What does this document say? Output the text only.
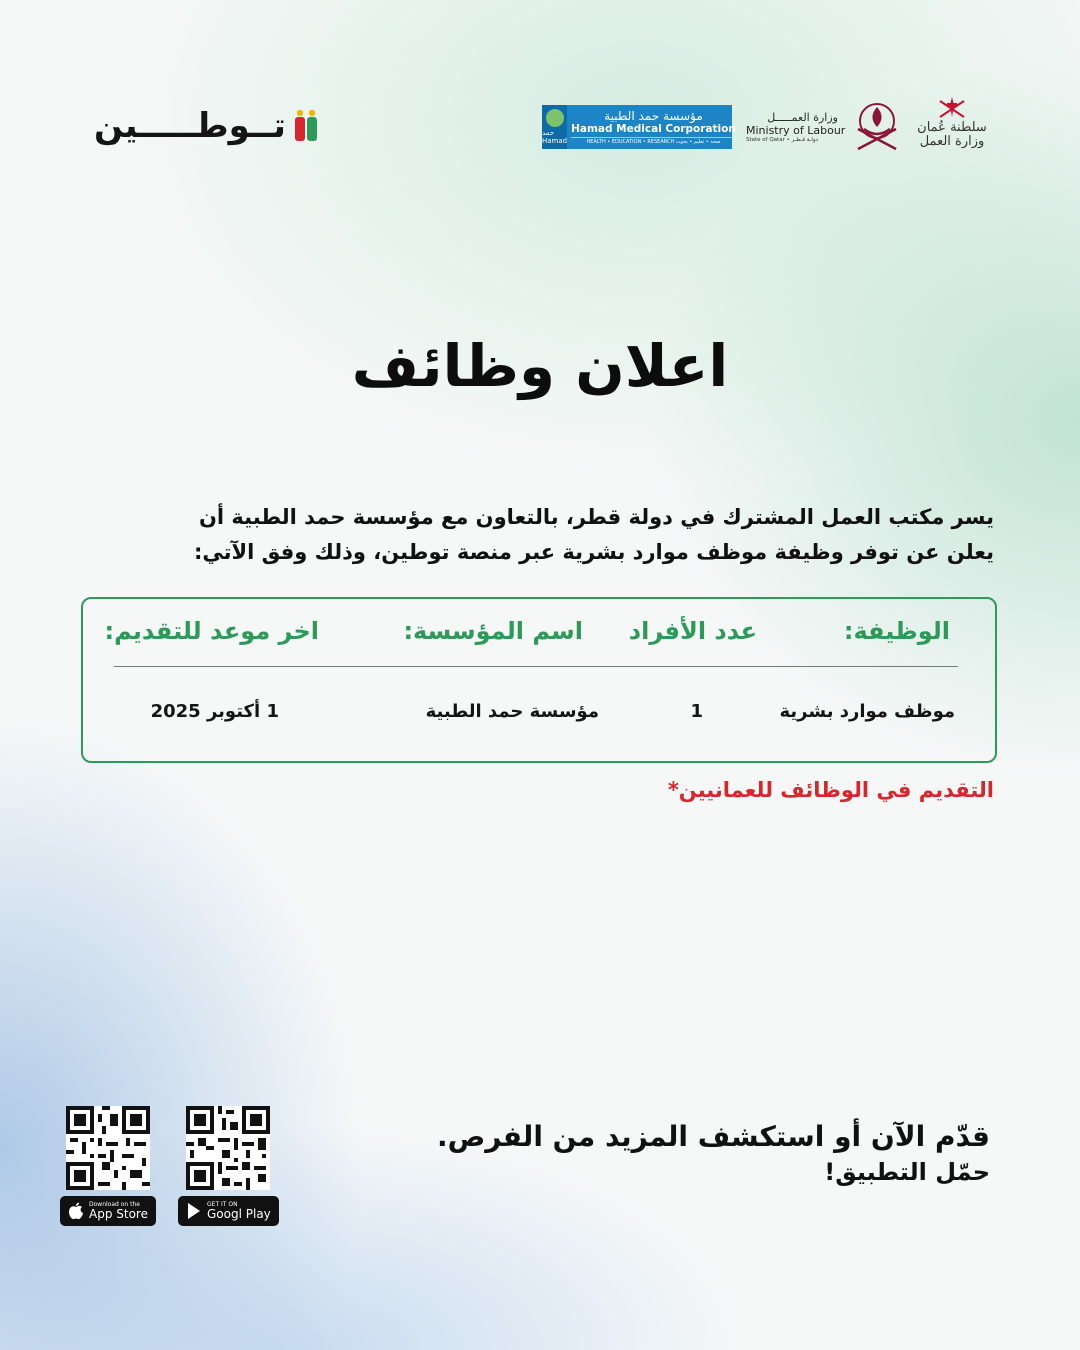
تــوطـــــين	حمد Hamad
مؤسسة حمد الطبية
Hamad Medical Corporation
HEALTH • EDUCATION • RESEARCH صحة • تعليم • بحوث
وزارة العمـــــل
Ministry of Labour
State of Qatar • دولـة قـطـر
سلطنة عُمان
وزارة العمل
اعلان وظائف

يسر مكتب العمل المشترك في دولة قطر، بالتعاون مع مؤسسة حمد الطبية أن يعلن عن توفر وظيفة موظف موارد بشرية عبر منصة توطين، وذلك وفق الآتي:

الوظيفة:
عدد الأفراد
اسم المؤسسة:
اخر موعد للتقديم:
موظف موارد بشرية
1
مؤسسة حمد الطبية
1 أكتوبر 2025
التقديم في الوظائف للعمانيين*
قدّم الآن أو استكشف المزيد من الفرص.
حمّل التطبيق!
GET IT ON
Googl Play
Download on the
App Store
